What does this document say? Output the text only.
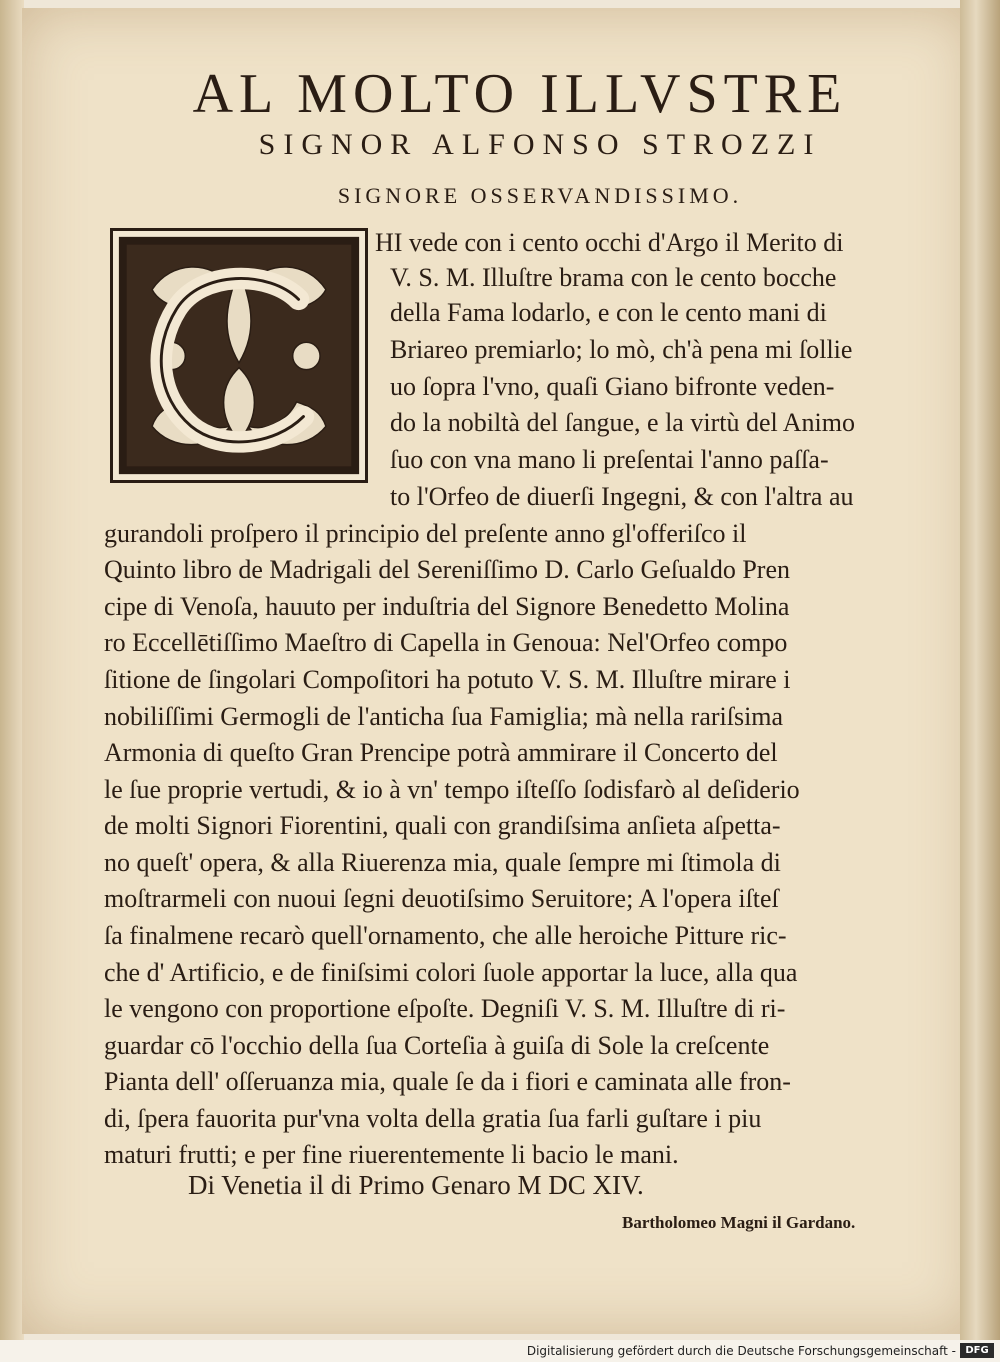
AL MOLTO ILLVSTRE
SIGNOR ALFONSO STROZZI
SIGNORE OSSERVANDISSIMO.
HI vede con i cento occhi d'Argo il Merito di
V. S. M. Illuſtre brama con le cento bocche
della Fama lodarlo, e con le cento mani di
Briareo premiarlo; lo mò, ch'à pena mi ſollie
uo ſopra l'vno, quaſi Giano bifronte veden-
do la nobiltà del ſangue, e la virtù del Animo
ſuo con vna mano li preſentai l'anno paſſa-
to l'Orfeo de diuerſi Ingegni, & con l'altra au
gurandoli proſpero il principio del preſente anno gl'offeriſco il
Quinto libro de Madrigali del Sereniſſimo D. Carlo Geſualdo Pren
cipe di Venoſa, hauuto per induſtria del Signore Benedetto Molina
ro Eccellētiſſimo Maeſtro di Capella in Genoua: Nel'Orfeo compo
ſitione de ſingolari Compoſitori ha potuto V. S. M. Illuſtre mirare i
nobiliſſimi Germogli de l'anticha ſua Famiglia; mà nella rariſsima
Armonia di queſto Gran Prencipe potrà ammirare il Concerto del
le ſue proprie vertudi, & io à vn' tempo iſteſſo ſodisfarò al deſiderio
de molti Signori Fiorentini, quali con grandiſsima anſieta aſpetta-
no queſt' opera, & alla Riuerenza mia, quale ſempre mi ſtimola di
moſtrarmeli con nuoui ſegni deuotiſsimo Seruitore; A l'opera iſteſ
ſa finalmene recarò quell'ornamento, che alle heroiche Pitture ric-
che d' Artificio, e de finiſsimi colori ſuole apportar la luce, alla qua
le vengono con proportione eſpoſte. Degniſi V. S. M. Illuſtre di ri-
guardar cō l'occhio della ſua Corteſia à guiſa di Sole la creſcente
Pianta dell' oſſeruanza mia, quale ſe da i fiori e caminata alle fron-
di, ſpera fauorita pur'vna volta della gratia ſua farli guſtare i piu
maturi frutti; e per fine riuerentemente li bacio le mani.
Di Venetia il di Primo Genaro M DC XIV.
Bartholomeo Magni il Gardano.
Digitalisierung gefördert durch die Deutsche Forschungsgemeinschaft - DFG
